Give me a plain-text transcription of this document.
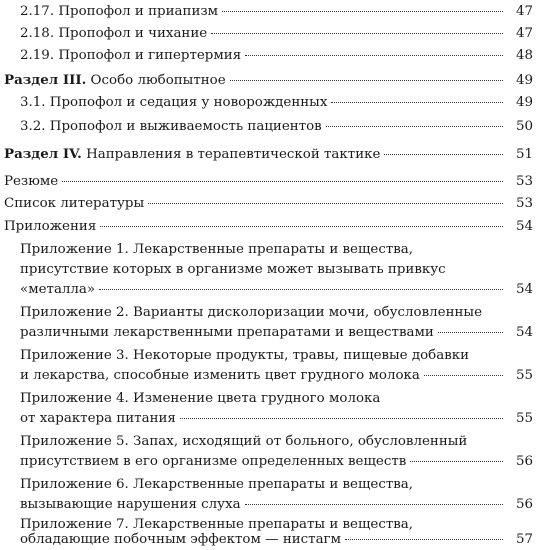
2.17. Пропофол и приапизм	47
2.18. Пропофол и чихание	47
2.19. Пропофол и гипертермия	48
Раздел III. Особо любопытное	49
3.1. Пропофол и седация у новорожденных	49
3.2. Пропофол и выживаемость пациентов	50
Раздел IV. Направления в терапевтической тактике	51
Резюме	53
Список литературы	53
Приложения	54
Приложение 1. Лекарственные препараты и вещества,
присутствие которых в организме может вызывать привкус
«металла»	54
Приложение 2. Варианты дисколоризации мочи, обусловленные
различными лекарственными препаратами и веществами	54
Приложение 3. Некоторые продукты, травы, пищевые добавки
и лекарства, способные изменить цвет грудного молока	55
Приложение 4. Изменение цвета грудного молока
от характера питания	55
Приложение 5. Запах, исходящий от больного, обусловленный
присутствием в его организме определенных веществ	56
Приложение 6. Лекарственные препараты и вещества,
вызывающие нарушения слуха	56
Приложение 7. Лекарственные препараты и вещества,
обладающие побочным эффектом — нистагм	57
